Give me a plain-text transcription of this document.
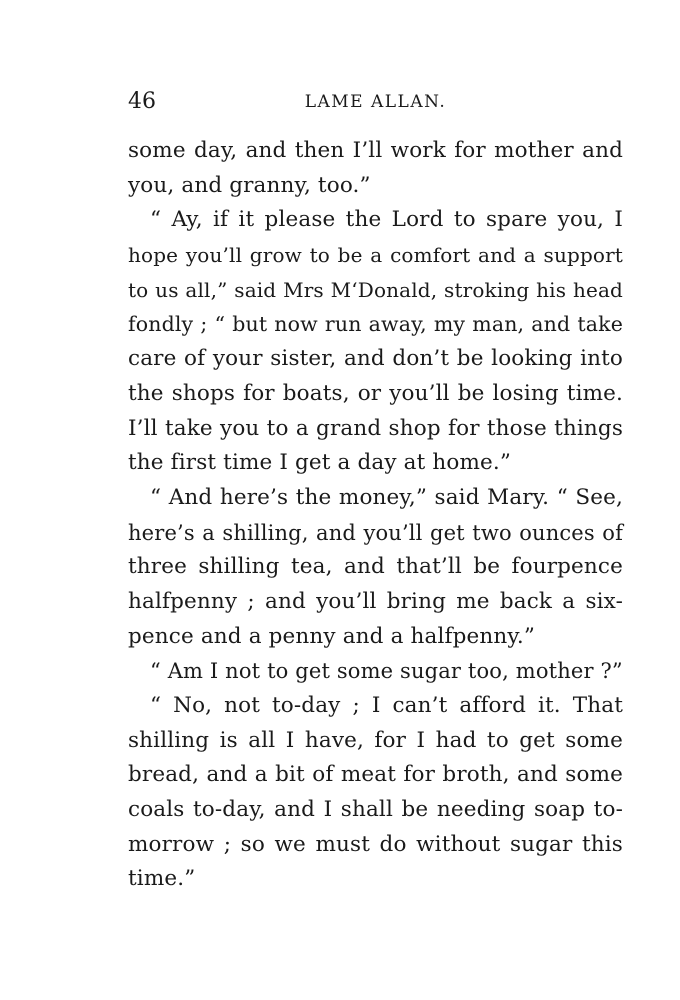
46	LAME ALLAN.
some day, and then I’ll work for mother and
you, and granny, too.”
“ Ay, if it please the Lord to spare you, I
hope you’ll grow to be a comfort and a support
to us all,” said Mrs M‘Donald, stroking his head
fondly ; “ but now run away, my man, and take
care of your sister, and don’t be looking into
the shops for boats, or you’ll be losing time.
I’ll take you to a grand shop for those things
the first time I get a day at home.”
“ And here’s the money,” said Mary. “ See,
here’s a shilling, and you’ll get two ounces of
three shilling tea, and that’ll be fourpence
halfpenny ; and you’ll bring me back a six-
pence and a penny and a halfpenny.”
“ Am I not to get some sugar too, mother ?”
“ No, not to-day ; I can’t afford it. That
shilling is all I have, for I had to get some
bread, and a bit of meat for broth, and some
coals to-day, and I shall be needing soap to-
morrow ; so we must do without sugar this
time.”
